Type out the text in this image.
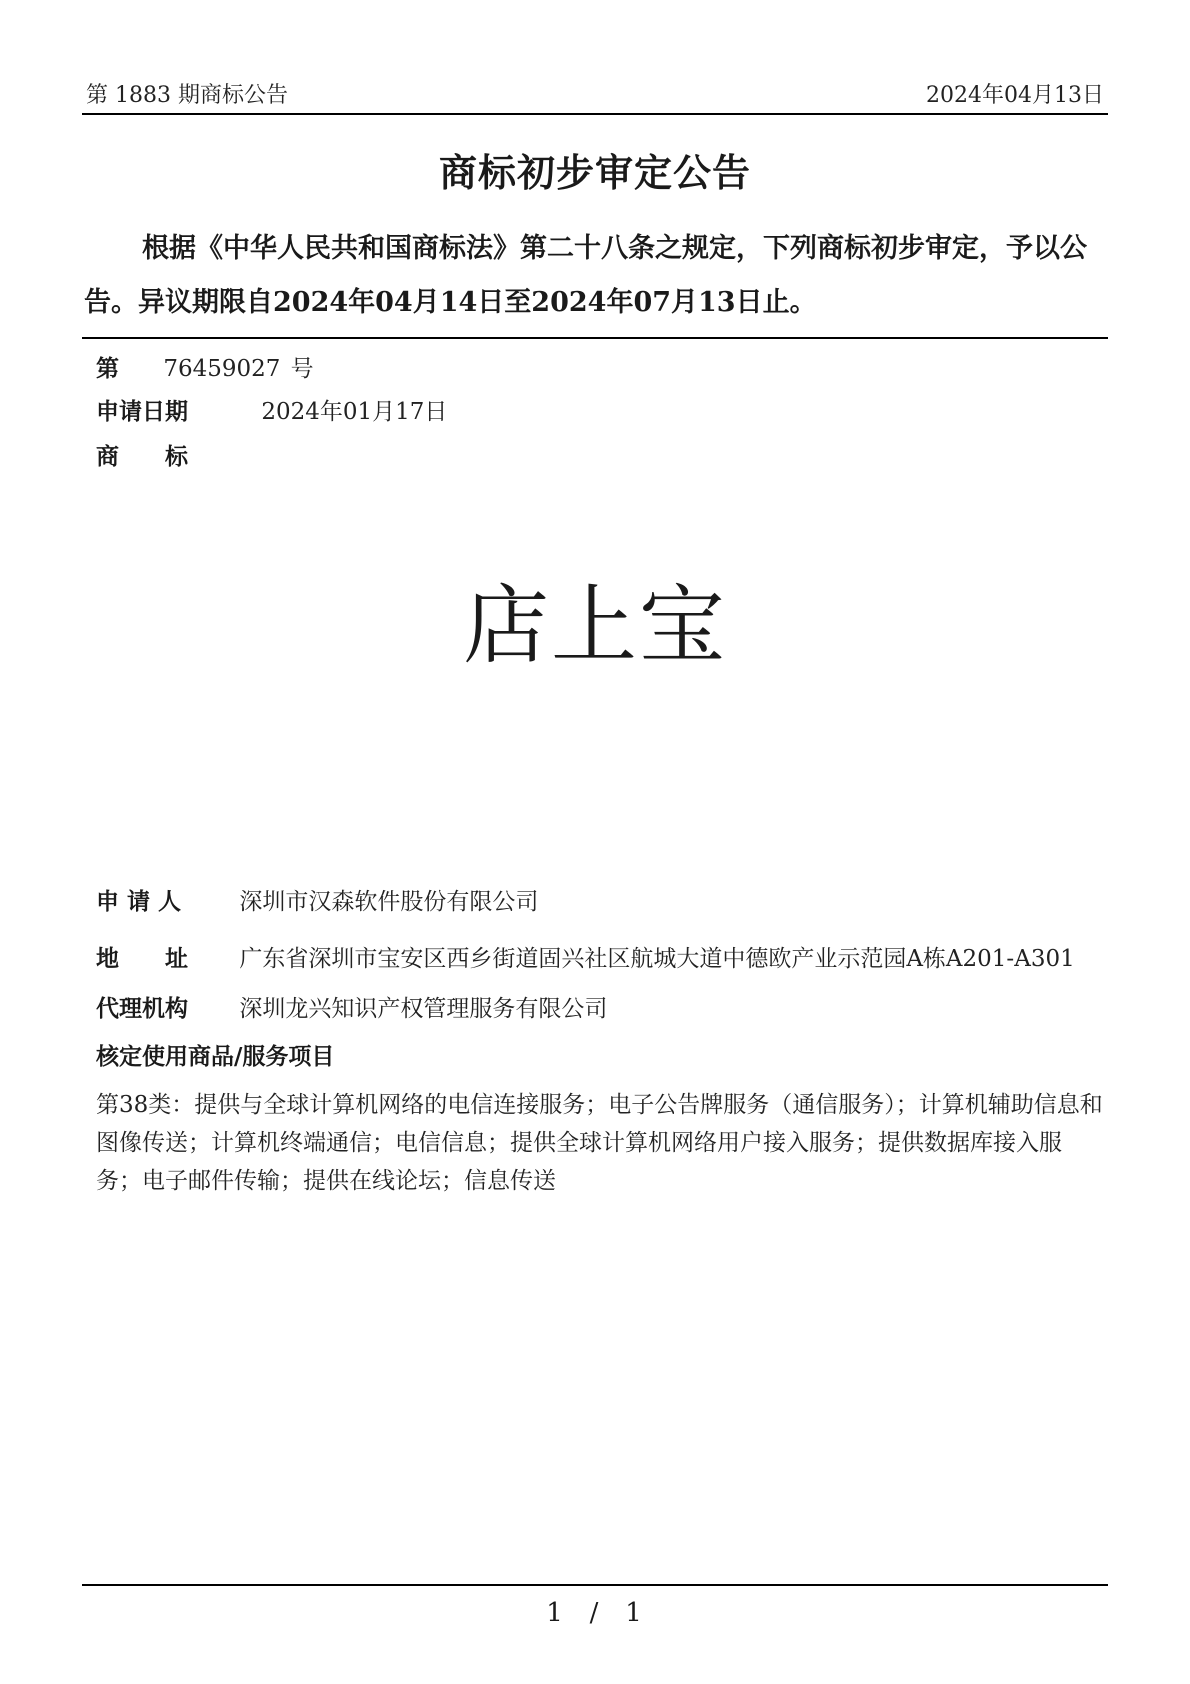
第 1883 期商标公告	2024年04月13日
商标初步审定公告
根据《中华人民共和国商标法》第二十八条之规定，下列商标初步审定，予以公告。异议期限自2024年04月14日至2024年07月13日止。
第 76459027 号
申请日期	2024年01月17日
商　　标
店上宝
申 请 人	深圳市汉森软件股份有限公司
地　　址 广东省深圳市宝安区西乡街道固兴社区航城大道中德欧产业示范园A栋A201-A301
代理机构 深圳龙兴知识产权管理服务有限公司
核定使用商品/服务项目
第38类：提供与全球计算机网络的电信连接服务；电子公告牌服务（通信服务）；计算机辅助信息和图像传送；计算机终端通信；电信信息；提供全球计算机网络用户接入服务；提供数据库接入服务；电子邮件传输；提供在线论坛；信息传送
1 / 1
